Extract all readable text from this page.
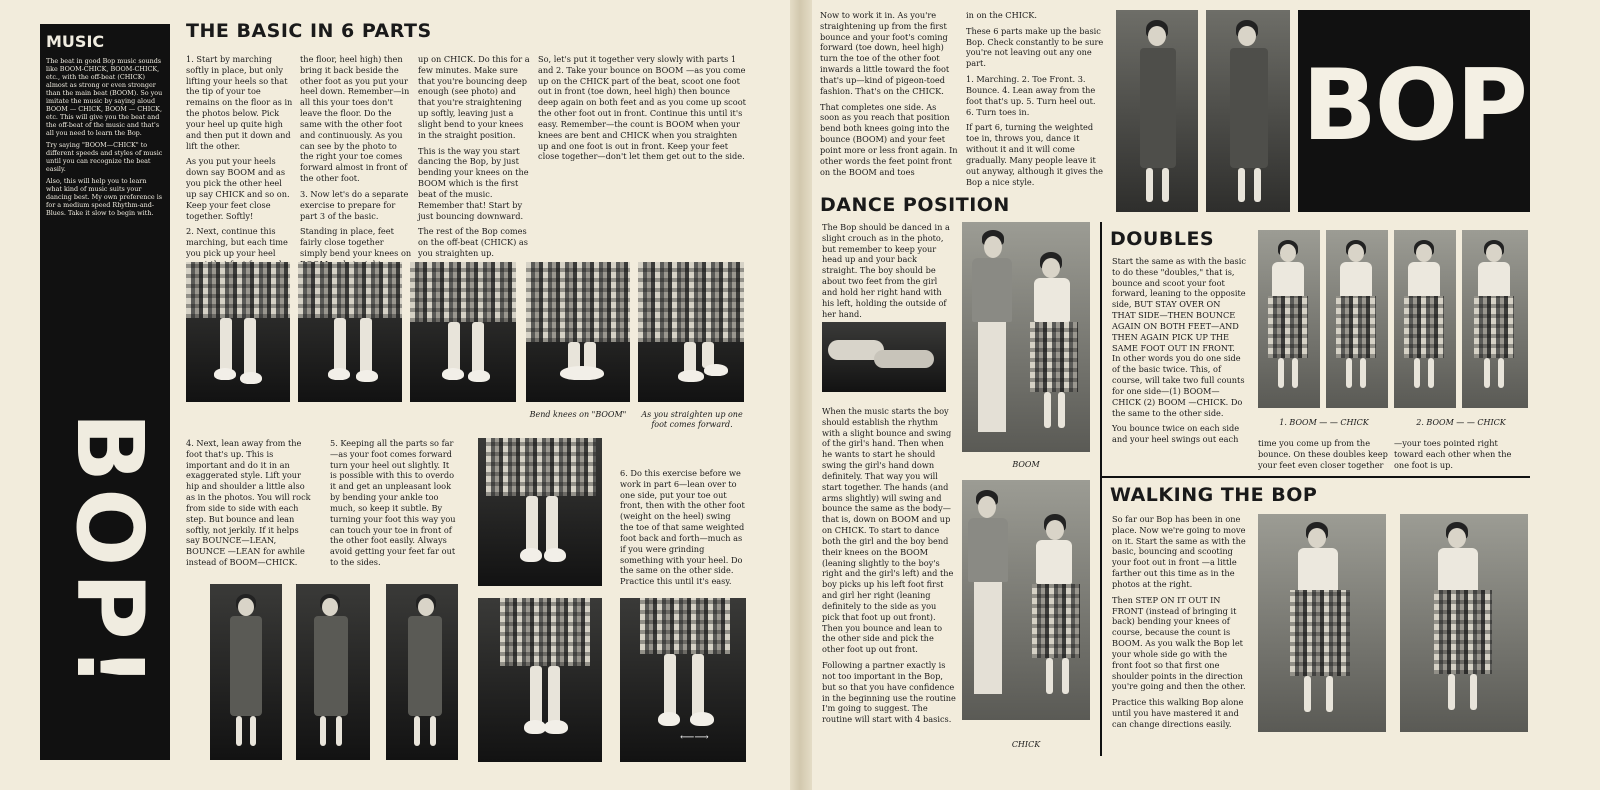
MUSIC
The beat in good Bop music sounds like BOOM-CHICK, BOOM-CHICK, etc., with the off-beat (CHICK) almost as strong or even stronger than the main beat (BOOM). So you imitate the music by saying aloud BOOM — CHICK, BOOM — CHICK, etc. This will give you the beat and the off-beat of the music and that's all you need to learn the Bop.
Try saying "BOOM—CHICK" to different speeds and styles of music until you can recognize the beat easily.
Also, this will help you to learn what kind of music suits your dancing best. My own preference is for a medium speed Rhythm-and-Blues. Take it slow to begin with.
BOP!
THE BASIC IN 6 PARTS

1. Start by marching softly in place, but only lifting your heels so that the tip of your toe remains on the floor as in the photos below. Pick your heel up quite high and then put it down and lift the other.

As you put your heels down say BOOM and as you pick the other heel up say CHICK and so on. Keep your feet close together. Softly!

2. Next, continue this marching, but each time you pick up your heel

the floor, heel high) then bring it back beside the other foot as you put your heel down. Remember—in all this your toes don't leave the floor. Do the same with the other foot and continuously. As you can see by the photo to the right your toe comes forward almost in front of the other foot.

3. Now let's do a separate exercise to prepare for part 3 of the basic.

Standing in place, feet fairly close together simply bend your knees on

up on CHICK. Do this for a few minutes. Make sure that you're bouncing deep enough (see photo) and that you're straightening up softly, leaving just a slight bend to your knees in the straight position.

This is the way you start dancing the Bop, by just bending your knees on the BOOM which is the first beat of the music. Remember that! Start by just bouncing downward.

The rest of the Bop comes on the off-beat (CHICK) as you straighten up.

So, let's put it together very slowly with parts 1 and 2. Take your bounce on BOOM —as you come up on the CHICK part of the beat, scoot one foot out in front (toe down, heel high) then bounce deep again on both feet and as you come up scoot the other foot out in front. Continue this until it's easy. Remember—the count is BOOM when your knees are bent and CHICK when you straighten up and one foot is out in front. Keep your feet close together—don't let them get out to the side.

Bend knees on "BOOM"	As you straighten up one foot comes forward.
4. Next, lean away from the foot that's up. This is important and do it in an exaggerated style. Lift your hip and shoulder a little also as in the photos. You will rock from side to side with each step. But bounce and lean softly, not jerkily. If it helps say BOUNCE—LEAN, BOUNCE —LEAN for awhile instead of BOOM—CHICK.
5. Keeping all the parts so far —as your foot comes forward turn your heel out slightly. It is possible with this to overdo it and get an unpleasant look by bending your ankle too much, so keep it subtle. By turning your foot this way you can touch your toe in front of the other foot easily. Always avoid getting your feet far out to the sides.
⟵⟶
6. Do this exercise before we work in part 6—lean over to one side, put your toe out front, then with the other foot (weight on the heel) swing the toe of that same weighted foot back and forth—much as if you were grinding something with your heel. Do the same on the other side. Practice this until it's easy.

Now to work it in. As you're straightening up from the first bounce and your foot's coming forward (toe down, heel high) turn the toe of the other foot inwards a little toward the foot that's up—kind of pigeon-toed fashion. That's on the CHICK.

That completes one side. As soon as you reach that position bend both knees going into the bounce (BOOM) and your feet point more or less front again. In other words the feet point front on the BOOM and toes

in on the CHICK.

These 6 parts make up the basic Bop. Check constantly to be sure you're not leaving out any one part.

1. Marching. 2. Toe Front. 3. Bounce. 4. Lean away from the foot that's up. 5. Turn heel out. 6. Turn toes in.

If part 6, turning the weighted toe in, throws you, dance it without it and it will come gradually. Many people leave it out anyway, although it gives the Bop a nice style.

BOP
DANCE POSITION
The Bop should be danced in a slight crouch as in the photo, but remember to keep your head up and your back straight. The boy should be about two feet from the girl and hold her right hand with his left, holding the outside of her hand.

When the music starts the boy should establish the rhythm with a slight bounce and swing of the girl's hand. Then when he wants to start he should swing the girl's hand down definitely. That way you will start together. The hands (and arms slightly) will swing and bounce the same as the body—that is, down on BOOM and up on CHICK. To start to dance both the girl and the boy bend their knees on the BOOM (leaning slightly to the boy's right and the girl's left) and the boy picks up his left foot first and girl her right (leaning definitely to the side as you pick that foot up out front). Then you bounce and lean to the other side and pick the other foot up out front.

Following a partner exactly is not too important in the Bop, but so that you have confidence in the beginning use the routine I'm going to suggest. The routine will start with 4 basics.

BOOM
CHICK
DOUBLES

Start the same as with the basic to do these "doubles," that is, bounce and scoot your foot forward, leaning to the opposite side, BUT STAY OVER ON THAT SIDE—THEN BOUNCE AGAIN ON BOTH FEET—AND THEN AGAIN PICK UP THE SAME FOOT OUT IN FRONT. In other words you do one side of the basic twice. This, of course, will take two full counts for one side—(1) BOOM—CHICK (2) BOOM —CHICK. Do the same to the other side.

You bounce twice on each side and your heel swings out each

1. BOOM — — CHICK	2. BOOM — — CHICK
time you come up from the bounce. On these doubles keep your feet even closer together
—your toes pointed right toward each other when the one foot is up.
WALKING THE BOP

So far our Bop has been in one place. Now we're going to move on it. Start the same as with the basic, bouncing and scooting your foot out in front —a little farther out this time as in the photos at the right.

Then STEP ON IT OUT IN FRONT (instead of bringing it back) bending your knees of course, because the count is BOOM. As you walk the Bop let your whole side go with the front foot so that first one shoulder points in the direction you're going and then the other.

Practice this walking Bop alone until you have mastered it and can change directions easily.
